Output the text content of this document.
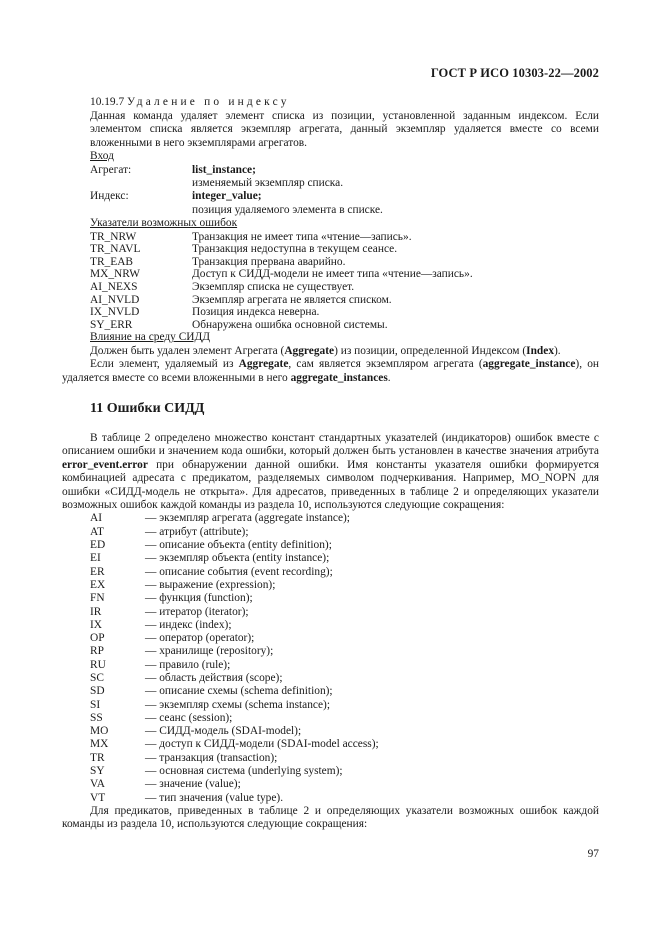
ГОСТ Р ИСО 10303-22—2002
10.19.7 Удаление по индексу

Данная команда удаляет элемент списка из позиции, установленной заданным индексом. Если элементом списка является экземпляр агрегата, данный экземпляр удаляется вместе со всеми вложенными в него экземплярами агрегатов.

Вход
Агрегат:	list_instance;
изменяемый экземпляр списка.
Индекс:	integer_value;
позиция удаляемого элемента в списке.
Указатели возможных ошибок
TR_NRW	Транзакция не имеет типа «чтение—запись».
TR_NAVL	Транзакция недоступна в текущем сеансе.
TR_EAB	Транзакция прервана аварийно.
MX_NRW	Доступ к СИДД-модели не имеет типа «чтение—запись».
AI_NEXS	Экземпляр списка не существует.
AI_NVLD	Экземпляр агрегата не является списком.
IX_NVLD	Позиция индекса неверна.
SY_ERR	Обнаружена ошибка основной системы.
Влияние на среду СИДД

Должен быть удален элемент Агрегата (Aggregate) из позиции, определенной Индексом (Index).

Если элемент, удаляемый из Aggregate, сам является экземпляром агрегата (aggregate_instance), он удаляется вместе со всеми вложенными в него aggregate_instances.

11 Ошибки СИДД

В таблице 2 определено множество констант стандартных указателей (индикаторов) ошибок вместе с описанием ошибки и значением кода ошибки, который должен быть установлен в качестве значения атрибута error_event.error при обнаружении данной ошибки. Имя константы указателя ошибки формируется комбинацией адресата с предикатом, разделяемых символом подчеркивания. Например, MO_NOPN для ошибки «СИДД-модель не открыта». Для адресатов, приведенных в таблице 2 и определяющих указатели возможных ошибок каждой команды из раздела 10, используются следующие сокращения:

AI	— экземпляр агрегата (aggregate instance);
AT	— атрибут (attribute);
ED	— описание объекта (entity definition);
EI	— экземпляр объекта (entity instance);
ER	— описание события (event recording);
EX	— выражение (expression);
FN	— функция (function);
IR	— итератор (iterator);
IX	— индекс (index);
OP	— оператор (operator);
RP	— хранилище (repository);
RU	— правило (rule);
SC	— область действия (scope);
SD	— описание схемы (schema definition);
SI	— экземпляр схемы (schema instance);
SS	— сеанс (session);
MO	— СИДД-модель (SDAI-model);
MX	— доступ к СИДД-модели (SDAI-model access);
TR	— транзакция (transaction);
SY	— основная система (underlying system);
VA	— значение (value);
VT	— тип значения (value type).

Для предикатов, приведенных в таблице 2 и определяющих указатели возможных ошибок каждой команды из раздела 10, используются следующие сокращения:

97
